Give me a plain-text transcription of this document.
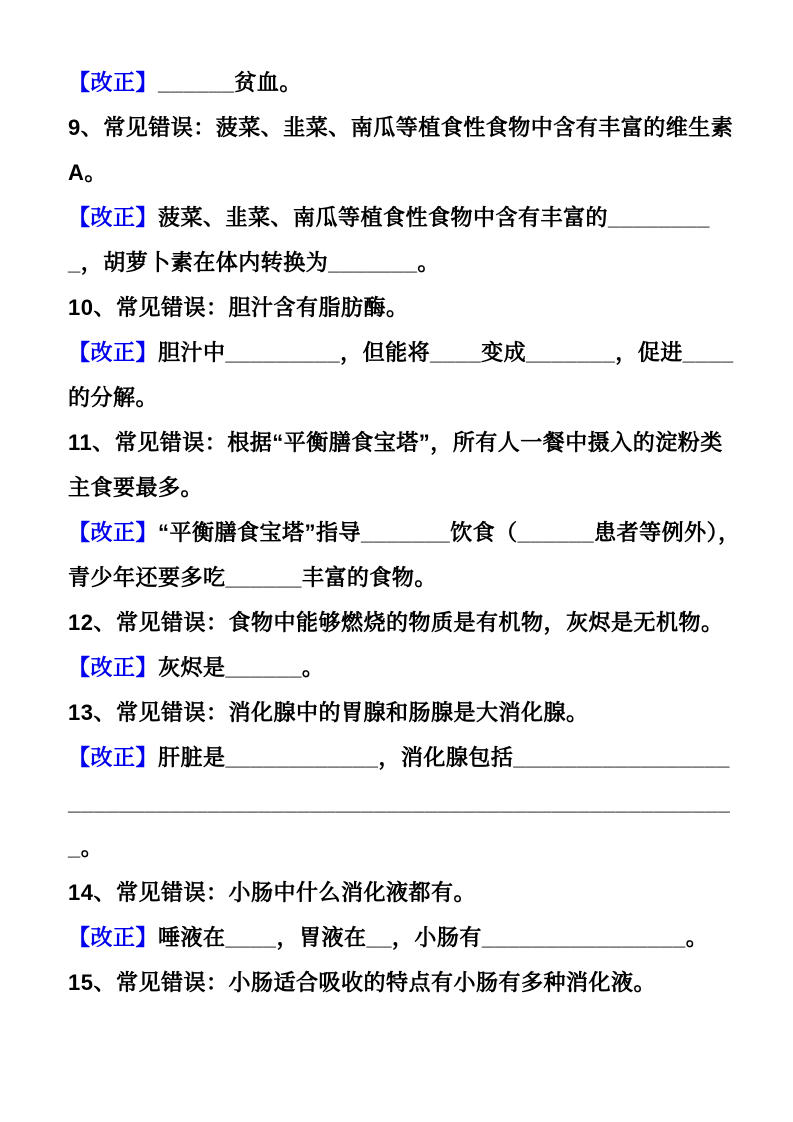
【改正】______贫血。

9、常见错误：菠菜、韭菜、南瓜等植食性食物中含有丰富的维生素 A。

【改正】菠菜、韭菜、南瓜等植食性食物中含有丰富的_________，胡萝卜素在体内转换为_______。

10、常见错误：胆汁含有脂肪酶。

【改正】胆汁中_________，但能将____变成_______，促进____的分解。

11、常见错误：根据“平衡膳食宝塔”，所有人一餐中摄入的淀粉类主食要最多。

【改正】“平衡膳食宝塔”指导_______饮食（______患者等例外），青少年还要多吃______丰富的食物。

12、常见错误：食物中能够燃烧的物质是有机物，灰烬是无机物。

【改正】灰烬是______。

13、常见错误：消化腺中的胃腺和肠腺是大消化腺。

【改正】肝脏是____________，消化腺包括______________________________________________________________________。

14、常见错误：小肠中什么消化液都有。

【改正】唾液在____，胃液在__，小肠有________________。

15、常见错误：小肠适合吸收的特点有小肠有多种消化液。
